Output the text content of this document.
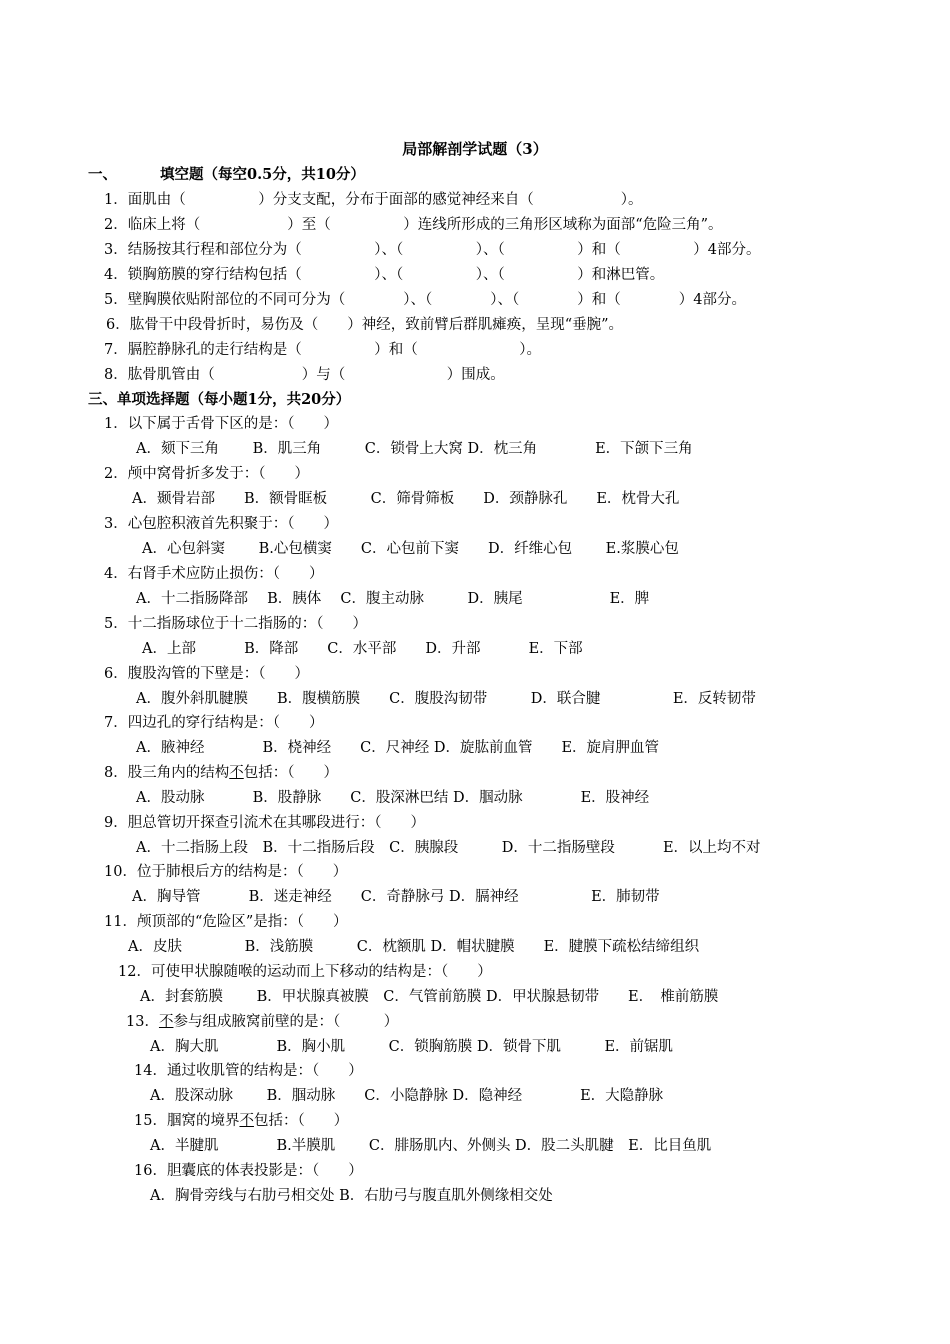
局部解剖学试题（3）
一、	填空题（每空0.5分，共10分）
1．面肌由（　　　　　）分支支配，分布于面部的感觉神经来自（　　　　　　）。
2．临床上将（　　　　　　）至（　　　　　）连线所形成的三角形区域称为面部“危险三角”。
3．结肠按其行程和部位分为（　　　　　）、（　　　　　）、（　　　　　）和（　　　　　）4部分。
4．锁胸筋膜的穿行结构包括（　　　　　）、（　　　　　）、（　　　　　）和淋巴管。
5．壁胸膜依贴附部位的不同可分为（　　　　）、（　　　　）、（　　　　）和（　　　　）4部分。
6．肱骨干中段骨折时，易伤及（　　）神经，致前臂后群肌瘫痪，呈现“垂腕”。
7．膈腔静脉孔的走行结构是（　　　　　）和（　　　　　　　）。
8．肱骨肌管由（　　　　　　）与（　　　　　　　）围成。
三、单项选择题（每小题1分，共20分）
1．以下属于舌骨下区的是：（　　）
A．颏下三角　　 B．肌三角　　　C．锁骨上大窝 D．枕三角　　　　E．下颌下三角
2．颅中窝骨折多发于：（　　）
A．颞骨岩部　　B．额骨眶板　　　C．筛骨筛板　　D．颈静脉孔　　E．枕骨大孔
3．心包腔积液首先积聚于：（　　）
A．心包斜窦　　 B.心包横窦　　C．心包前下窦　　D．纤维心包　　 E.浆膜心包
4．右肾手术应防止损伤：（　　）
A．十二指肠降部　 B．胰体　 C．腹主动脉　　　D．胰尾　　　　　　E．脾
5．十二指肠球位于十二指肠的：（　　）
A．上部　　　 B．降部　　C．水平部　　D．升部　　　 E．下部
6．腹股沟管的下壁是：（　　）
A．腹外斜肌腱膜　　B．腹横筋膜　　C．腹股沟韧带　　　D．联合腱　　　　　E．反转韧带
7．四边孔的穿行结构是：（　　）
A．腋神经　　　　B．桡神经　　C．尺神经 D．旋肱前血管　　E．旋肩胛血管
8．股三角内的结构不包括：（　　）
A．股动脉　　　 B．股静脉　　C．股深淋巴结 D．腘动脉　　　　E．股神经
9．胆总管切开探查引流术在其哪段进行：（　　）
A．十二指肠上段　B．十二指肠后段　C．胰腺段　　　D．十二指肠壁段　　　 E．以上均不对
10．位于肺根后方的结构是：（　　）
A．胸导管　　　 B．迷走神经　　C．奇静脉弓 D．膈神经　　　　　E．肺韧带
11．颅顶部的“危险区”是指：（　　）
A．皮肤　　　　 B．浅筋膜　　　C．枕额肌 D．帽状腱膜　　E．腱膜下疏松结缔组织
12．可使甲状腺随喉的运动而上下移动的结构是：（　　）
A．封套筋膜　　 B．甲状腺真被膜　C．气管前筋膜 D．甲状腺悬韧带　　E．　椎前筋膜
13．不参与组成腋窝前壁的是：（　　　）
A．胸大肌　　　　B．胸小肌　　　C．锁胸筋膜 D．锁骨下肌　　　E．前锯肌
14．通过收肌管的结构是：（　　）
A．股深动脉　　 B．腘动脉　　C．小隐静脉 D．隐神经　　　　E．大隐静脉
15．腘窝的境界不包括：（　　）
A．半腱肌　　　　B.半膜肌　　 C．腓肠肌内、外侧头 D．股二头肌腱　E．比目鱼肌
16．胆囊底的体表投影是：（　　）
A．胸骨旁线与右肋弓相交处 B．右肋弓与腹直肌外侧缘相交处
